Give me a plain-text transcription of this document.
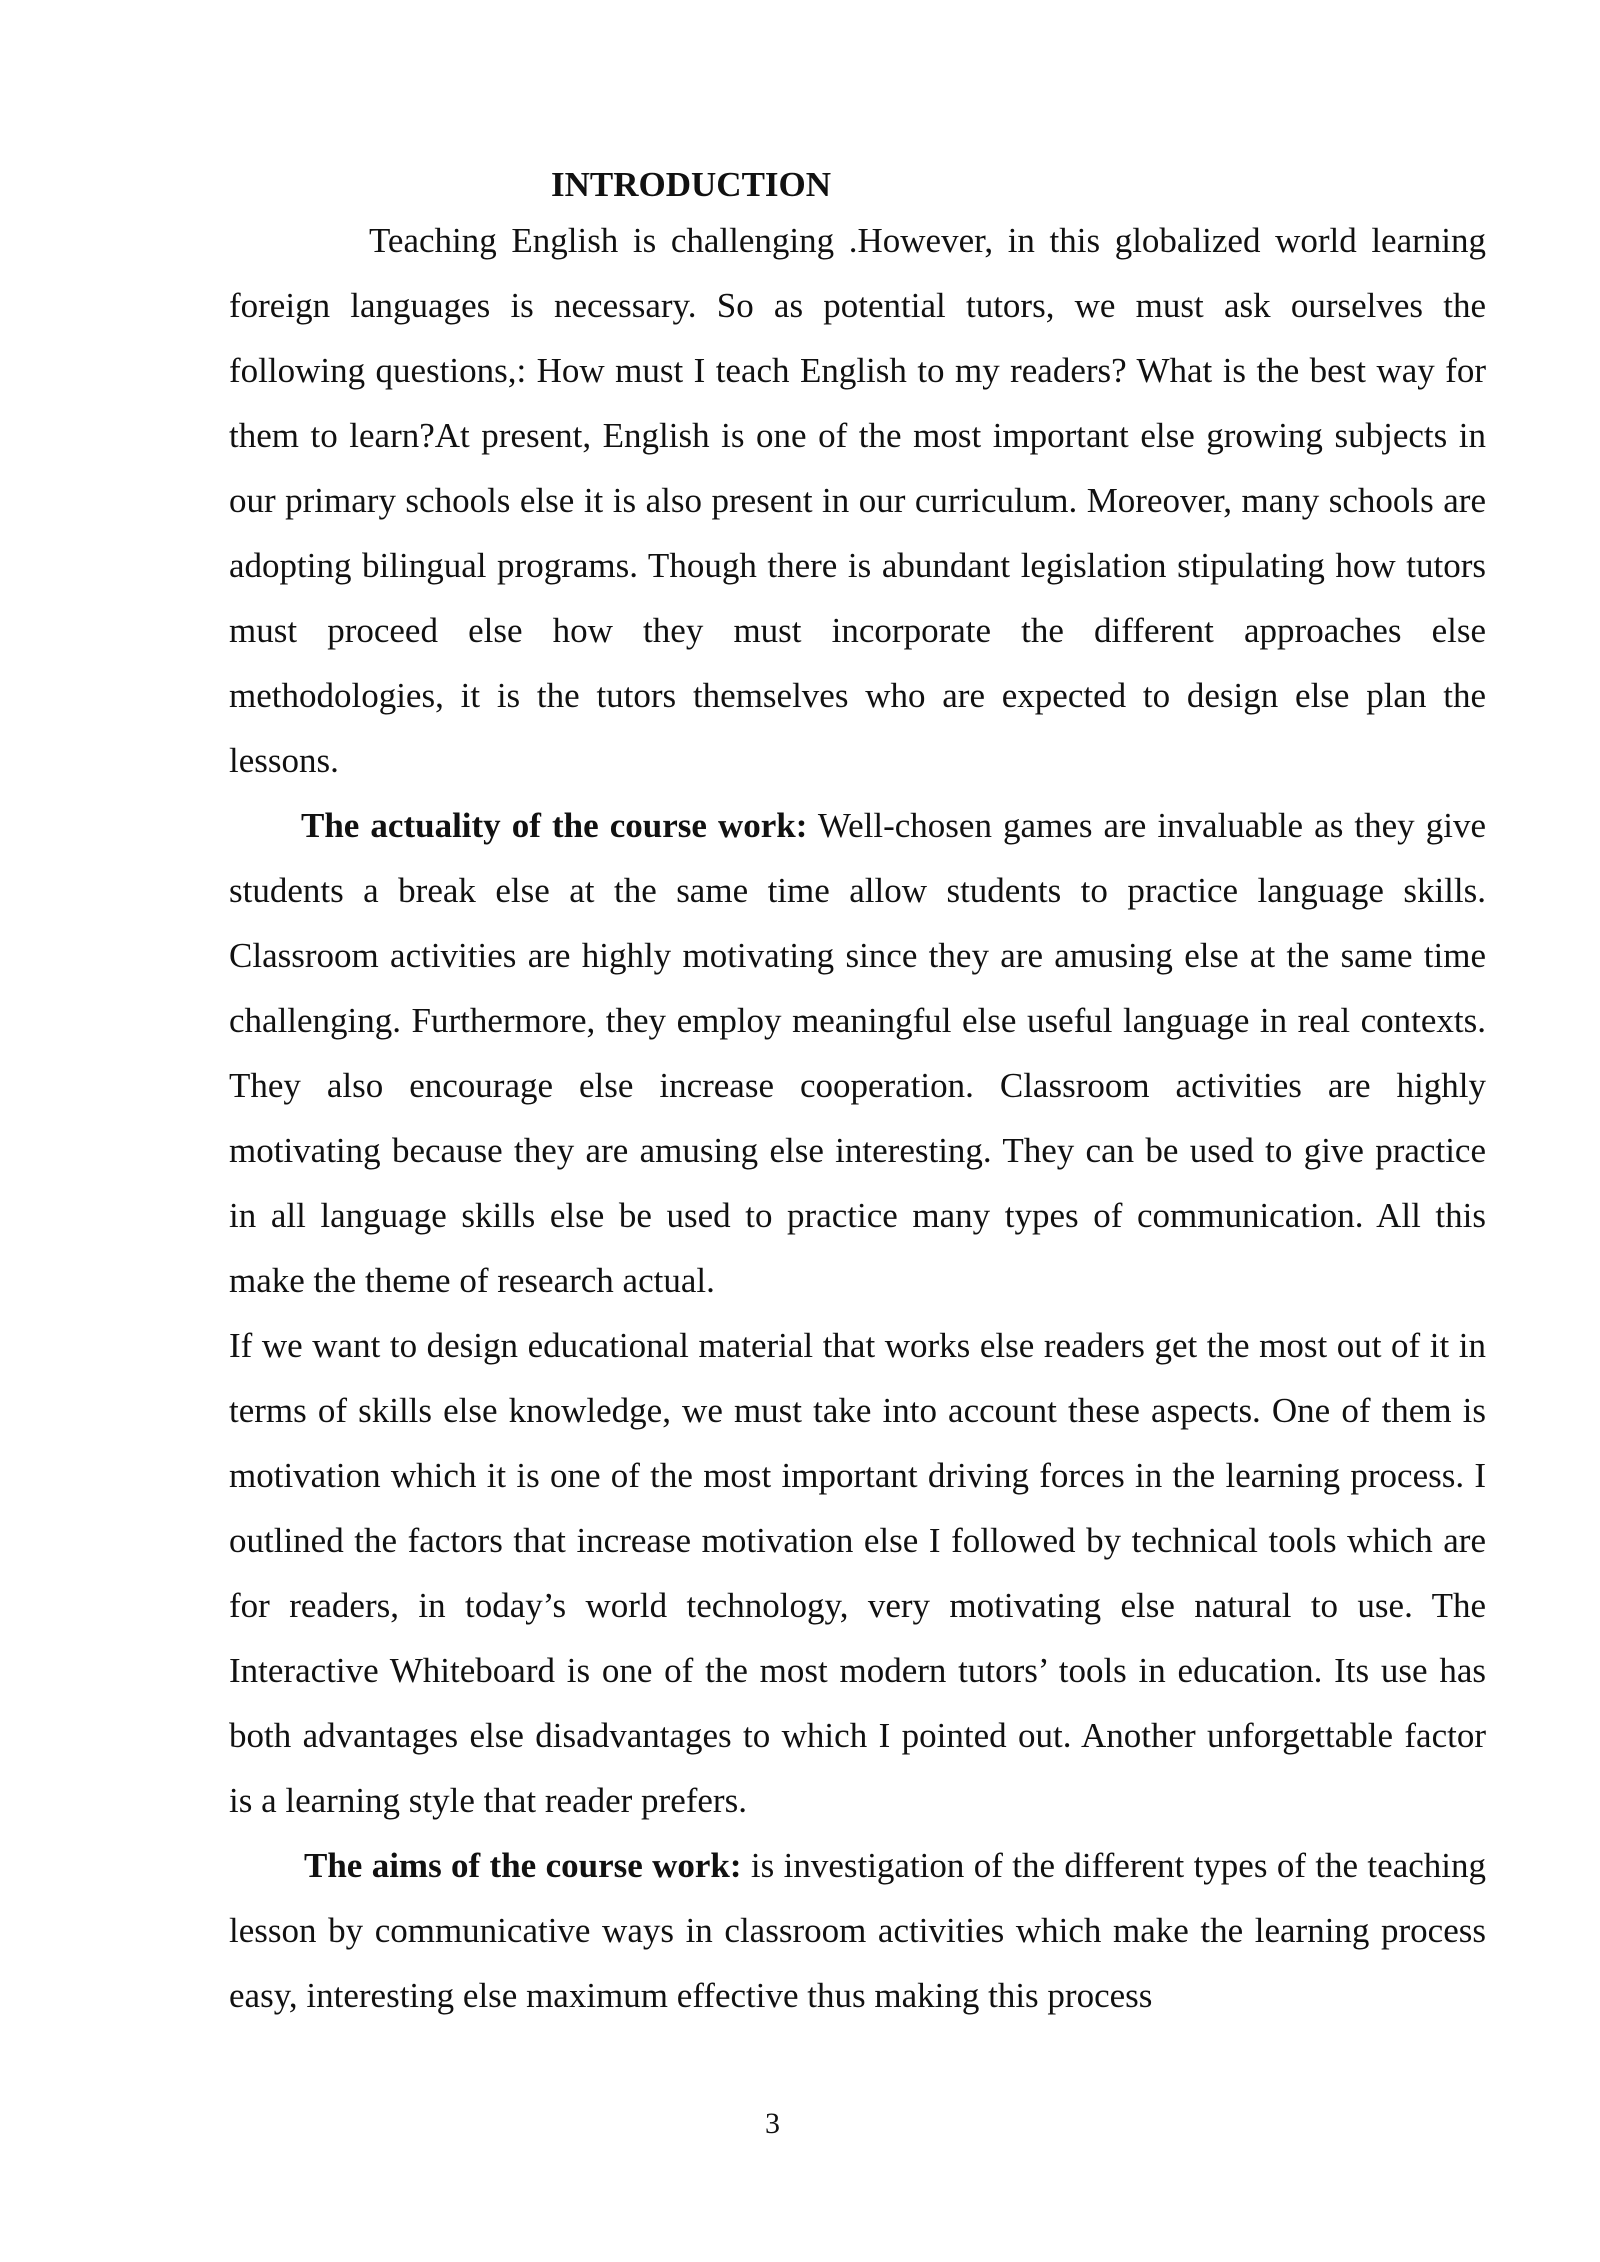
INTRODUCTION

Teaching English is challenging .However, in this globalized world learning foreign languages is necessary. So as potential tutors, we must ask ourselves the following questions,: How must I teach English to my readers? What is the best way for them to learn?At present, English is one of the most important else growing subjects in our primary schools else it is also present in our curriculum. Moreover, many schools are adopting bilingual programs. Though there is abundant legislation stipulating how tutors must proceed else how they must incorporate the different approaches else methodologies, it is the tutors themselves who are expected to design else plan the lessons.

The actuality of the course work: Well-chosen games are invaluable as they give students a break else at the same time allow students to practice language skills. Classroom activities are highly motivating since they are amusing else at the same time challenging. Furthermore, they employ meaningful else useful language in real contexts. They also encourage else increase cooperation. Classroom activities are highly motivating because they are amusing else interesting. They can be used to give practice in all language skills else be used to practice many types of communication. All this make the theme of research actual.

If we want to design educational material that works else readers get the most out of it in terms of skills else knowledge, we must take into account these aspects. One of them is motivation which it is one of the most important driving forces in the learning process. I outlined the factors that increase motivation else I followed by technical tools which are for readers, in today’s world technology, very motivating else natural to use. The Interactive Whiteboard is one of the most modern tutors’ tools in education. Its use has both advantages else disadvantages to which I pointed out. Another unforgettable factor is a learning style that reader prefers.

The aims of the course work: is investigation of the different types of the teaching lesson by communicative ways in classroom activities which make the learning process easy, interesting else maximum effective thus making this process

3
